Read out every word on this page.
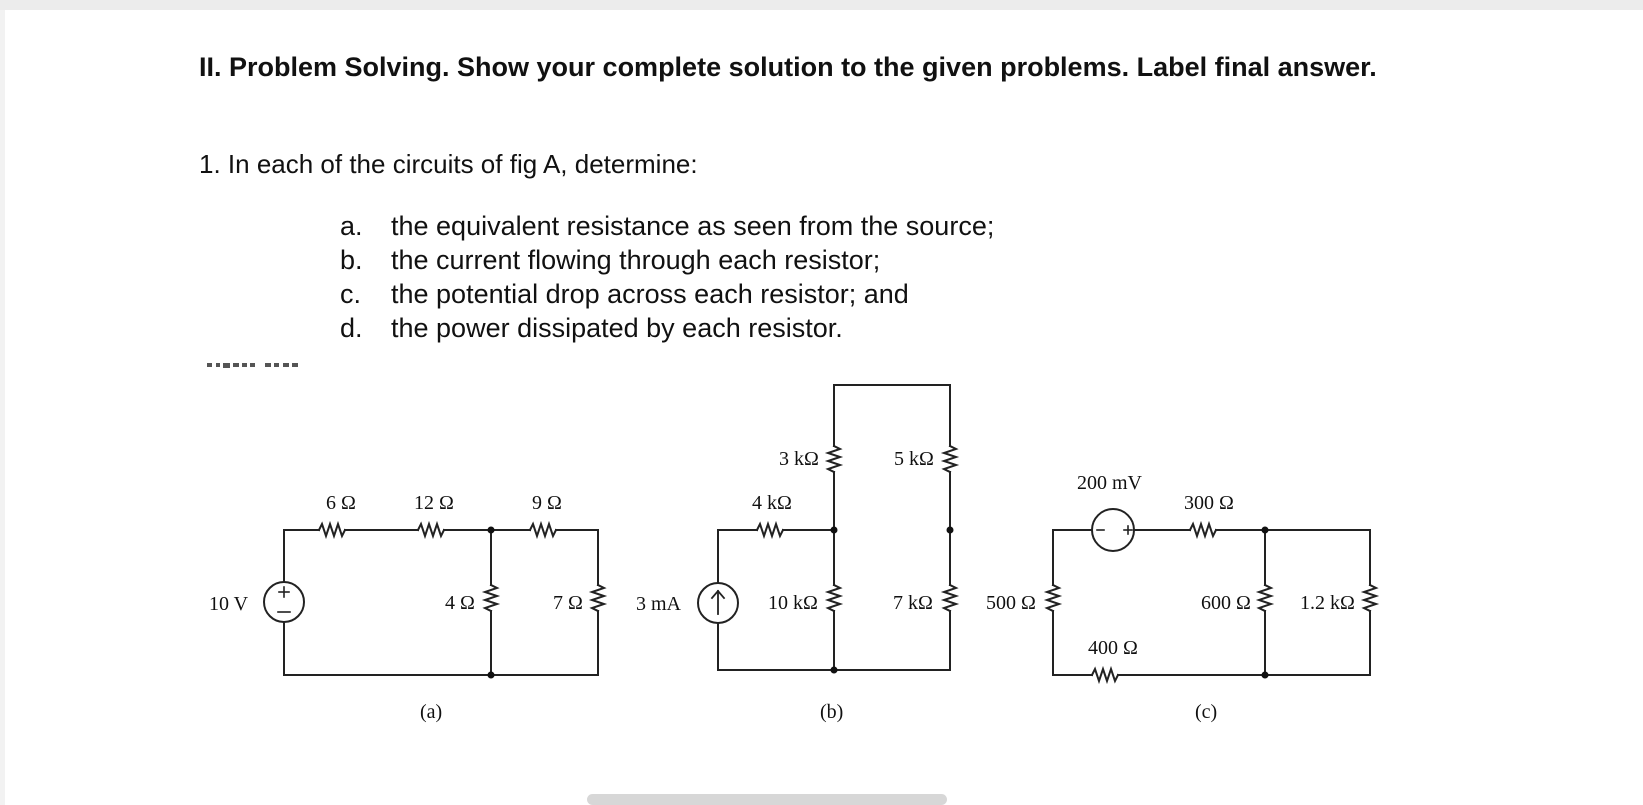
II. Problem Solving. Show your complete solution to the given problems. Label final answer.
1. In each of the circuits of fig A, determine:
a.	the equivalent resistance as seen from the source;
b.	the current flowing through each resistor;
c.	the potential drop across each resistor; and
d.	the power dissipated by each resistor.
6 Ω	12 Ω	9 Ω
4 Ω	7 Ω
10 V
(a)
3 kΩ	5 kΩ
4 kΩ
10 kΩ	7 kΩ
3 mA
(b)
500 Ω
300 Ω
600 Ω 1.2 kΩ
400 Ω
200 mV
(c)
